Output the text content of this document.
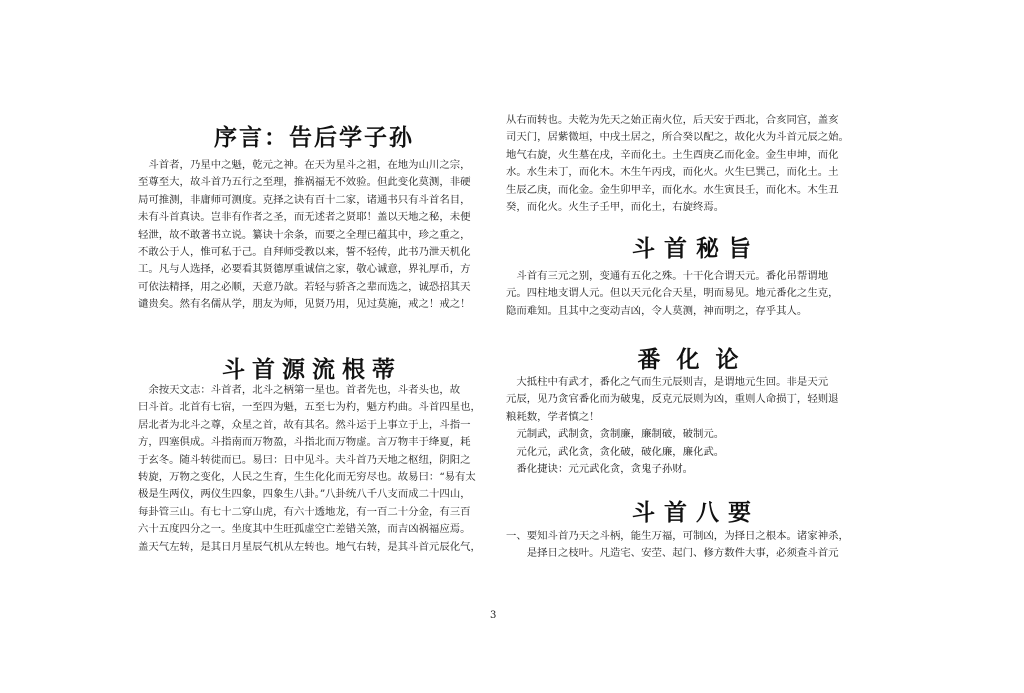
序言：告后学子孙
　斗首者，乃星中之魁，乾元之神。在天为星斗之祖，在地为山川之宗，
至尊至大，故斗首乃五行之至理，推祸福无不效验。但此变化莫测，非硬
局可推测，非庸师可测度。克择之诀有百十二家，诸通书只有斗首名目，
未有斗首真诀。岂非有作者之圣，而无述者之贤耶！盖以天地之秘，未便
轻泄，故不敢著书立说。纂诀十余条，而要之全理已蕴其中，珍之重之，
不敢公于人，惟可私于己。自拜师受教以来，誓不轻传，此书乃泄天机化
工。凡与人选择，必要看其贤德厚重诚信之家，敬心诚意，界礼厚币，方
可依法精择，用之必顺，天意乃歆。若轻与骄吝之辈而选之，诚恐招其天
谴贵矣。然有名儒从学，朋友为师，见贤乃用，见过莫施，戒之！戒之！
斗首源流根蒂
　余按天文志：斗首者，北斗之柄第一星也。首者先也，斗者头也，故
曰斗首。北首有七宿，一至四为魁，五至七为杓，魁方杓曲。斗首四星也，
居北者为北斗之尊，众星之首，故有其名。然斗运于上事立于上，斗指一
方，四塞俱成。斗指南而万物盈，斗指北而万物虚。言万物丰于绛夏，耗
于玄冬。随斗转徙而已。易曰：日中见斗。夫斗首乃天地之枢纽，阴阳之
转旋，万物之变化，人民之生育，生生化化而无穷尽也。故易曰：“易有太
极是生两仪，两仪生四象，四象生八卦。”八卦统八千八支而成二十四山，
每卦管三山。有七十二穿山虎，有六十透地龙，有一百二十分金，有三百
六十五度四分之一。坐度其中生旺孤虚空亡差错关煞，而吉凶祸福应焉。
盖天气左转，是其日月星辰气机从左转也。地气右转，是其斗首元辰化气，
从右而转也。夫乾为先天之始正南火位，后天安于西北，合亥同宫，盖亥
司天门，居紫微垣，中戌土居之，所合癸以配之，故化火为斗首元辰之始。
地气右旋，火生墓在戌，辛而化土。土生酉庚乙而化金。金生申坤，而化
水。水生未丁，而化木。木生午丙戌，而化火。火生巳巽己，而化土。土
生辰乙庚，而化金。金生卯甲辛，而化水。水生寅艮壬，而化木。木生丑
癸，而化火。火生子壬甲，而化土，右旋终焉。
斗首秘旨
　斗首有三元之别，变通有五化之殊。十干化合谓天元。番化吊帮谓地
元。四柱地支谓人元。但以天元化合天星，明而易见。地元番化之生克，
隐而难知。且其中之变动吉凶，令人莫测，神而明之，存乎其人。
番化论
　大抵柱中有武才，番化之气而生元辰则吉，是谓地元生回。非是天元
元辰，见乃贪官番化而为破鬼，反克元辰则为凶，重则人命损丁，轻则退
粮耗数，学者慎之！
　元制武，武制贪，贪制廉，廉制破，破制元。
　元化元，武化贪，贪化破，破化廉，廉化武。
　番化捷诀：元元武化贪，贪鬼子孙财。
斗首八要
一、要知斗首乃天之斗柄，能生万福，可制凶，为择日之根本。诸家神杀，
　　是择日之枝叶。凡造宅、安茔、起门、修方数件大事，必须查斗首元
3
